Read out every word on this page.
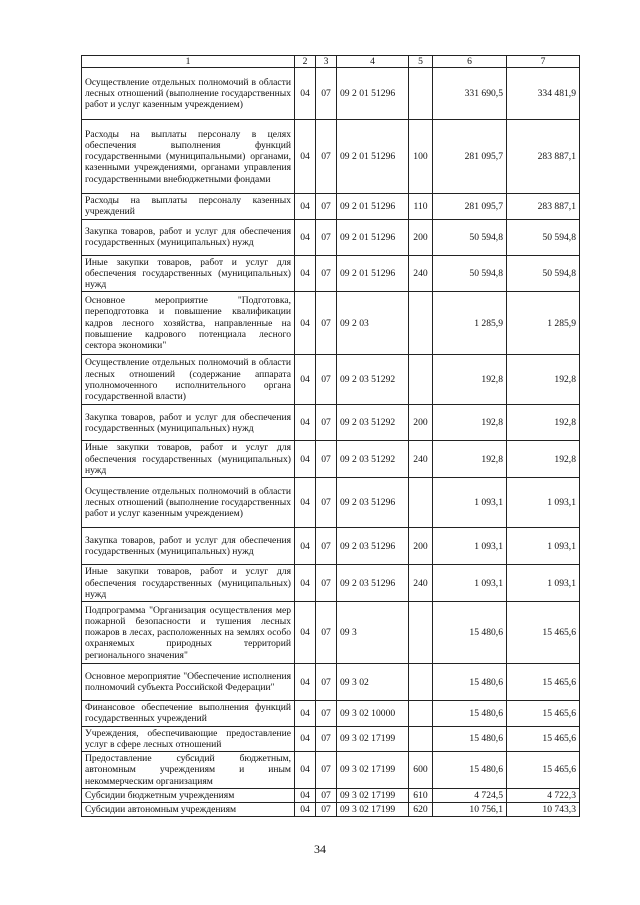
1	2	3	4	5	6	7
Осуществление отдельных полномочий в области лесных отношений (выполнение государственных работ и услуг казенным учреждением)	04	07	09 2 01 51296		331 690,5	334 481,9
Расходы на выплаты персоналу в целях обеспечения выполнения функций государственными (муниципальными) органами, казенными учреждениями, органами управления государственными внебюджетными фондами	04	07	09 2 01 51296	100	281 095,7	283 887,1
Расходы на выплаты персоналу казенных учреждений	04	07	09 2 01 51296	110	281 095,7	283 887,1
Закупка товаров, работ и услуг для обеспечения государственных (муниципальных) нужд	04	07	09 2 01 51296	200	50 594,8	50 594,8
Иные закупки товаров, работ и услуг для обеспечения государственных (муниципальных) нужд	04	07	09 2 01 51296	240	50 594,8	50 594,8
Основное мероприятие "Подготовка, переподготовка и повышение квалификации кадров лесного хозяйства, направленные на повышение кадрового потенциала лесного сектора экономики"	04	07	09 2 03		1 285,9	1 285,9
Осуществление отдельных полномочий в области лесных отношений (содержание аппарата уполномоченного исполнительного органа государственной власти)	04	07	09 2 03 51292		192,8	192,8
Закупка товаров, работ и услуг для обеспечения государственных (муниципальных) нужд	04	07	09 2 03 51292	200	192,8	192,8
Иные закупки товаров, работ и услуг для обеспечения государственных (муниципальных) нужд	04	07	09 2 03 51292	240	192,8	192,8
Осуществление отдельных полномочий в области лесных отношений (выполнение государственных работ и услуг казенным учреждением)	04	07	09 2 03 51296		1 093,1	1 093,1
Закупка товаров, работ и услуг для обеспечения государственных (муниципальных) нужд	04	07	09 2 03 51296	200	1 093,1	1 093,1
Иные закупки товаров, работ и услуг для обеспечения государственных (муниципальных) нужд	04	07	09 2 03 51296	240	1 093,1	1 093,1
Подпрограмма "Организация осуществления мер пожарной безопасности и тушения лесных пожаров в лесах, расположенных на землях особо охраняемых природных территорий регионального значения"	04	07	09 3		15 480,6	15 465,6
Основное мероприятие "Обеспечение исполнения полномочий субъекта Российской Федерации"	04	07	09 3 02		15 480,6	15 465,6
Финансовое обеспечение выполнения функций государственных учреждений	04	07	09 3 02 10000		15 480,6	15 465,6
Учреждения, обеспечивающие предоставление услуг в сфере лесных отношений	04	07	09 3 02 17199		15 480,6	15 465,6
Предоставление субсидий бюджетным, автономным учреждениям и иным некоммерческим организациям	04	07	09 3 02 17199	600	15 480,6	15 465,6
Субсидии бюджетным учреждениям	04	07	09 3 02 17199	610	4 724,5	4 722,3
Субсидии автономным учреждениям	04	07	09 3 02 17199	620	10 756,1	10 743,3
34
